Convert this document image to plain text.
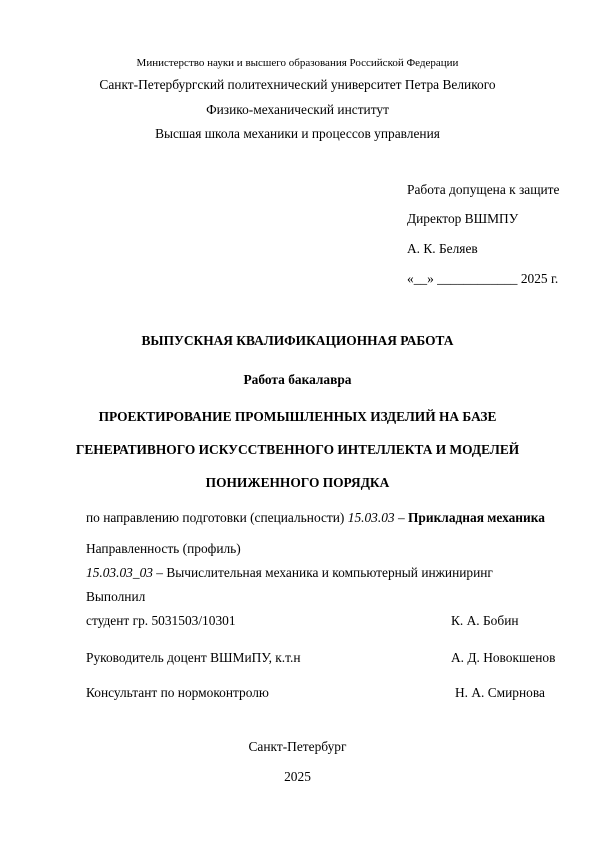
Министерство науки и высшего образования Российской Федерации
Санкт-Петербургский политехнический университет Петра Великого
Физико-механический институт
Высшая школа механики и процессов управления
Работа допущена к защите
Директор ВШМПУ
А. К. Беляев
«__» ____________ 2025 г.
ВЫПУСКНАЯ КВАЛИФИКАЦИОННАЯ РАБОТА
Работа бакалавра
ПРОЕКТИРОВАНИЕ ПРОМЫШЛЕННЫХ ИЗДЕЛИЙ НА БАЗЕ
ГЕНЕРАТИВНОГО ИСКУССТВЕННОГО ИНТЕЛЛЕКТА И МОДЕЛЕЙ
ПОНИЖЕННОГО ПОРЯДКА
по направлению подготовки (специальности) 15.03.03 – Прикладная механика
Направленность (профиль)
15.03.03_03 – Вычислительная механика и компьютерный инжиниринг
Выполнил
студент гр. 5031503/10301	К. А. Бобин
Руководитель доцент ВШМиПУ, к.т.н	А. Д. Новокшенов
Консультант по нормоконтролю	Н. А. Смирнова
Санкт-Петербург
2025
